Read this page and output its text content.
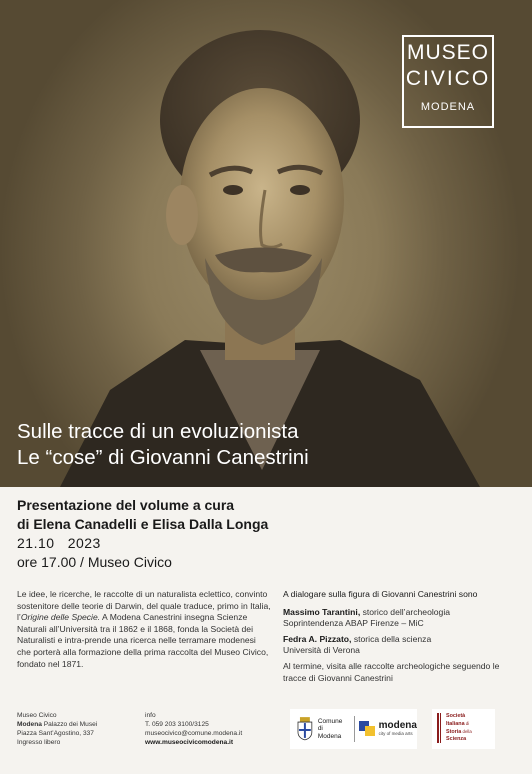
MUSEO
CIVICO
MODENA
Sulle tracce di un evoluzionista
Le “cose” di Giovanni Canestrini
Presentazione del volume a cura
di Elena Canadelli e Elisa Dalla Longa
21.10   2023
ore 17.00 / Museo Civico
Le idee, le ricerche, le raccolte di un naturalista eclettico, convinto sostenitore delle teorie di Darwin, del quale traduce, primo in Italia, l’Origine delle Specie. A Modena Canestrini insegna Scienze Naturali all’Università tra il 1862 e il 1868, fonda la Società dei Naturalisti e intra-prende una ricerca nelle terramare modenesi che porterà alla formazione della prima raccolta del Museo Civico, fondato nel 1871.
A dialogare sulla figura di Giovanni Canestrini sono
Massimo Tarantini, storico dell’archeologia
Soprintendenza ABAP Firenze – MiC
Fedra A. Pizzato, storica della scienza
Università di Verona
Al termine, visita alle raccolte archeologiche seguendo le tracce di Giovanni Canestrini
Museo Civico
Modena Palazzo dei Musei
Piazza Sant’Agostino, 337
Ingresso libero
info
T. 059 203 3100/3125
museocivico@comune.modena.it
www.museocivicomodena.it
Comune
di Modena
modena
city of media arts
Società
Italiana di
Storia della
Scienza
